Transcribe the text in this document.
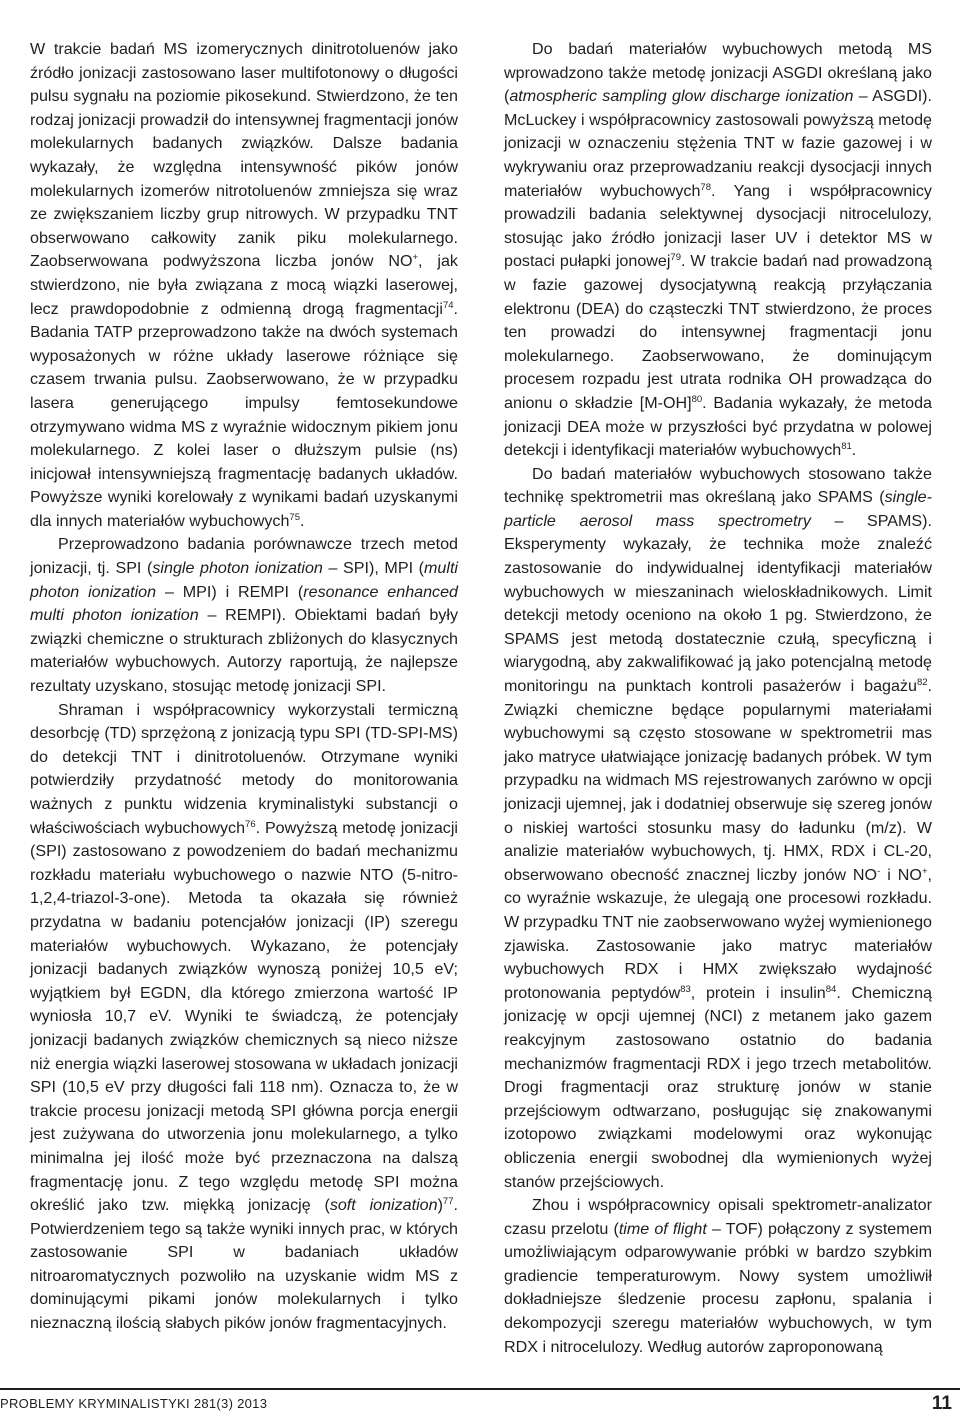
W trakcie badań MS izomerycznych dinitrotoluenów jako źródło jonizacji zastosowano laser multifotonowy o długości pulsu sygnału na poziomie pikosekund. Stwierdzono, że ten rodzaj jonizacji prowadził do intensywnej fragmentacji jonów molekularnych badanych związków. Dalsze badania wykazały, że względna intensywność pików jonów molekularnych izomerów nitrotoluenów zmniejsza się wraz ze zwiększaniem liczby grup nitrowych. W przypadku TNT obserwowano całkowity zanik piku molekularnego. Zaobserwowana podwyższona liczba jonów NO+, jak stwierdzono, nie była związana z mocą wiązki laserowej, lecz prawdopodobnie z odmienną drogą fragmentacji$^{74}$. Badania TATP przeprowadzono także na dwóch systemach wyposażonych w różne układy laserowe różniące się czasem trwania pulsu. Zaobserwowano, że w przypadku lasera generującego impulsy femtosekundowe otrzymywano widma MS z wyraźnie widocznym pikiem jonu molekularnego. Z kolei laser o dłuższym pulsie (ns) inicjował intensywniejszą fragmentację badanych układów. Powyższe wyniki korelowały z wynikami badań uzyskanymi dla innych materiałów wybuchowych$^{75}$.

Przeprowadzono badania porównawcze trzech metod jonizacji, tj. SPI (single photon ionization – SPI), MPI (multi photon ionization – MPI) i REMPI (resonance enhanced multi photon ionization – REMPI). Obiektami badań były związki chemiczne o strukturach zbliżonych do klasycznych materiałów wybuchowych. Autorzy raportują, że najlepsze rezultaty uzyskano, stosując metodę jonizacji SPI.

Shraman i współpracownicy wykorzystali termiczną desorbcję (TD) sprzężoną z jonizacją typu SPI (TD-SPI-MS) do detekcji TNT i dinitrotoluenów. Otrzymane wyniki potwierdziły przydatność metody do monitorowania ważnych z punktu widzenia kryminalistyki substancji o właściwościach wybuchowych$^{76}$. Powyższą metodę jonizacji (SPI) zastosowano z powodzeniem do badań mechanizmu rozkładu materiału wybuchowego o nazwie NTO (5-nitro-1,2,4-triazol-3-one). Metoda ta okazała się również przydatna w badaniu potencjałów jonizacji (IP) szeregu materiałów wybuchowych. Wykazano, że potencjały jonizacji badanych związków wynoszą poniżej 10,5 eV; wyjątkiem był EGDN, dla którego zmierzona wartość IP wyniosła 10,7 eV. Wyniki te świadczą, że potencjały jonizacji badanych związków chemicznych są nieco niższe niż energia wiązki laserowej stosowana w układach jonizacji SPI (10,5 eV przy długości fali 118 nm). Oznacza to, że w trakcie procesu jonizacji metodą SPI główna porcja energii jest zużywana do utworzenia jonu molekularnego, a tylko minimalna jej ilość może być przeznaczona na dalszą fragmentację jonu. Z tego względu metodę SPI można określić jako tzw. miękką jonizację (soft ionization)$^{77}$. Potwierdzeniem tego są także wyniki innych prac, w których zastosowanie SPI w badaniach układów nitroaromatycznych pozwoliło na uzyskanie widm MS z dominującymi pikami jonów molekularnych i tylko nieznaczną ilością słabych pików jonów fragmentacyjnych.

Do badań materiałów wybuchowych metodą MS wprowadzono także metodę jonizacji ASGDI określaną jako (atmospheric sampling glow discharge ionization – ASGDI). McLuckey i współpracownicy zastosowali powyższą metodę jonizacji w oznaczeniu stężenia TNT w fazie gazowej i w wykrywaniu oraz przeprowadzaniu reakcji dysocjacji innych materiałów wybuchowych$^{78}$. Yang i współpracownicy prowadzili badania selektywnej dysocjacji nitrocelulozy, stosując jako źródło jonizacji laser UV i detektor MS w postaci pułapki jonowej$^{79}$. W trakcie badań nad prowadzoną w fazie gazowej dysocjatywną reakcją przyłączania elektronu (DEA) do cząsteczki TNT stwierdzono, że proces ten prowadzi do intensywnej fragmentacji jonu molekularnego. Zaobserwowano, że dominującym procesem rozpadu jest utrata rodnika OH prowadząca do anionu o składzie $[M-OH]^{80}$. Badania wykazały, że metoda jonizacji DEA może w przyszłości być przydatna w polowej detekcji i identyfikacji materiałów wybuchowych$^{81}$.

Do badań materiałów wybuchowych stosowano także technikę spektrometrii mas określaną jako SPAMS (single-particle aerosol mass spectrometry – SPAMS). Eksperymenty wykazały, że technika może znaleźć zastosowanie do indywidualnej identyfikacji materiałów wybuchowych w mieszaninach wieloskładnikowych. Limit detekcji metody oceniono na około 1 pg. Stwierdzono, że SPAMS jest metodą dostatecznie czułą, specyficzną i wiarygodną, aby zakwalifikować ją jako potencjalną metodę monitoringu na punktach kontroli pasażerów i bagażu$^{82}$. Związki chemiczne będące popularnymi materiałami wybuchowymi są często stosowane w spektrometrii mas jako matryce ułatwiające jonizację badanych próbek. W tym przypadku na widmach MS rejestrowanych zarówno w opcji jonizacji ujemnej, jak i dodatniej obserwuje się szereg jonów o niskiej wartości stosunku masy do ładunku (m/z). W analizie materiałów wybuchowych, tj. HMX, RDX i CL-20, obserwowano obecność znacznej liczby jonów NO- i NO+, co wyraźnie wskazuje, że ulegają one procesowi rozkładu. W przypadku TNT nie zaobserwowano wyżej wymienionego zjawiska. Zastosowanie jako matryc materiałów wybuchowych RDX i HMX zwiększało wydajność protonowania peptydów$^{83}$, protein i insulin$^{84}$. Chemiczną jonizację w opcji ujemnej (NCI) z metanem jako gazem reakcyjnym zastosowano ostatnio do badania mechanizmów fragmentacji RDX i jego trzech metabolitów. Drogi fragmentacji oraz strukturę jonów w stanie przejściowym odtwarzano, posługując się znakowanymi izotopowo związkami modelowymi oraz wykonując obliczenia energii swobodnej dla wymienionych wyżej stanów przejściowych.

Zhou i współpracownicy opisali spektrometr-analizator czasu przelotu (time of flight – TOF) połączony z systemem umożliwiającym odparowywanie próbki w bardzo szybkim gradiencie temperaturowym. Nowy system umożliwił dokładniejsze śledzenie procesu zapłonu, spalania i dekompozycji szeregu materiałów wybuchowych, w tym RDX i nitrocelulozy. Według autorów zaproponowaną

PROBLEMY KRYMINALISTYKI 281(3) 2013	11
